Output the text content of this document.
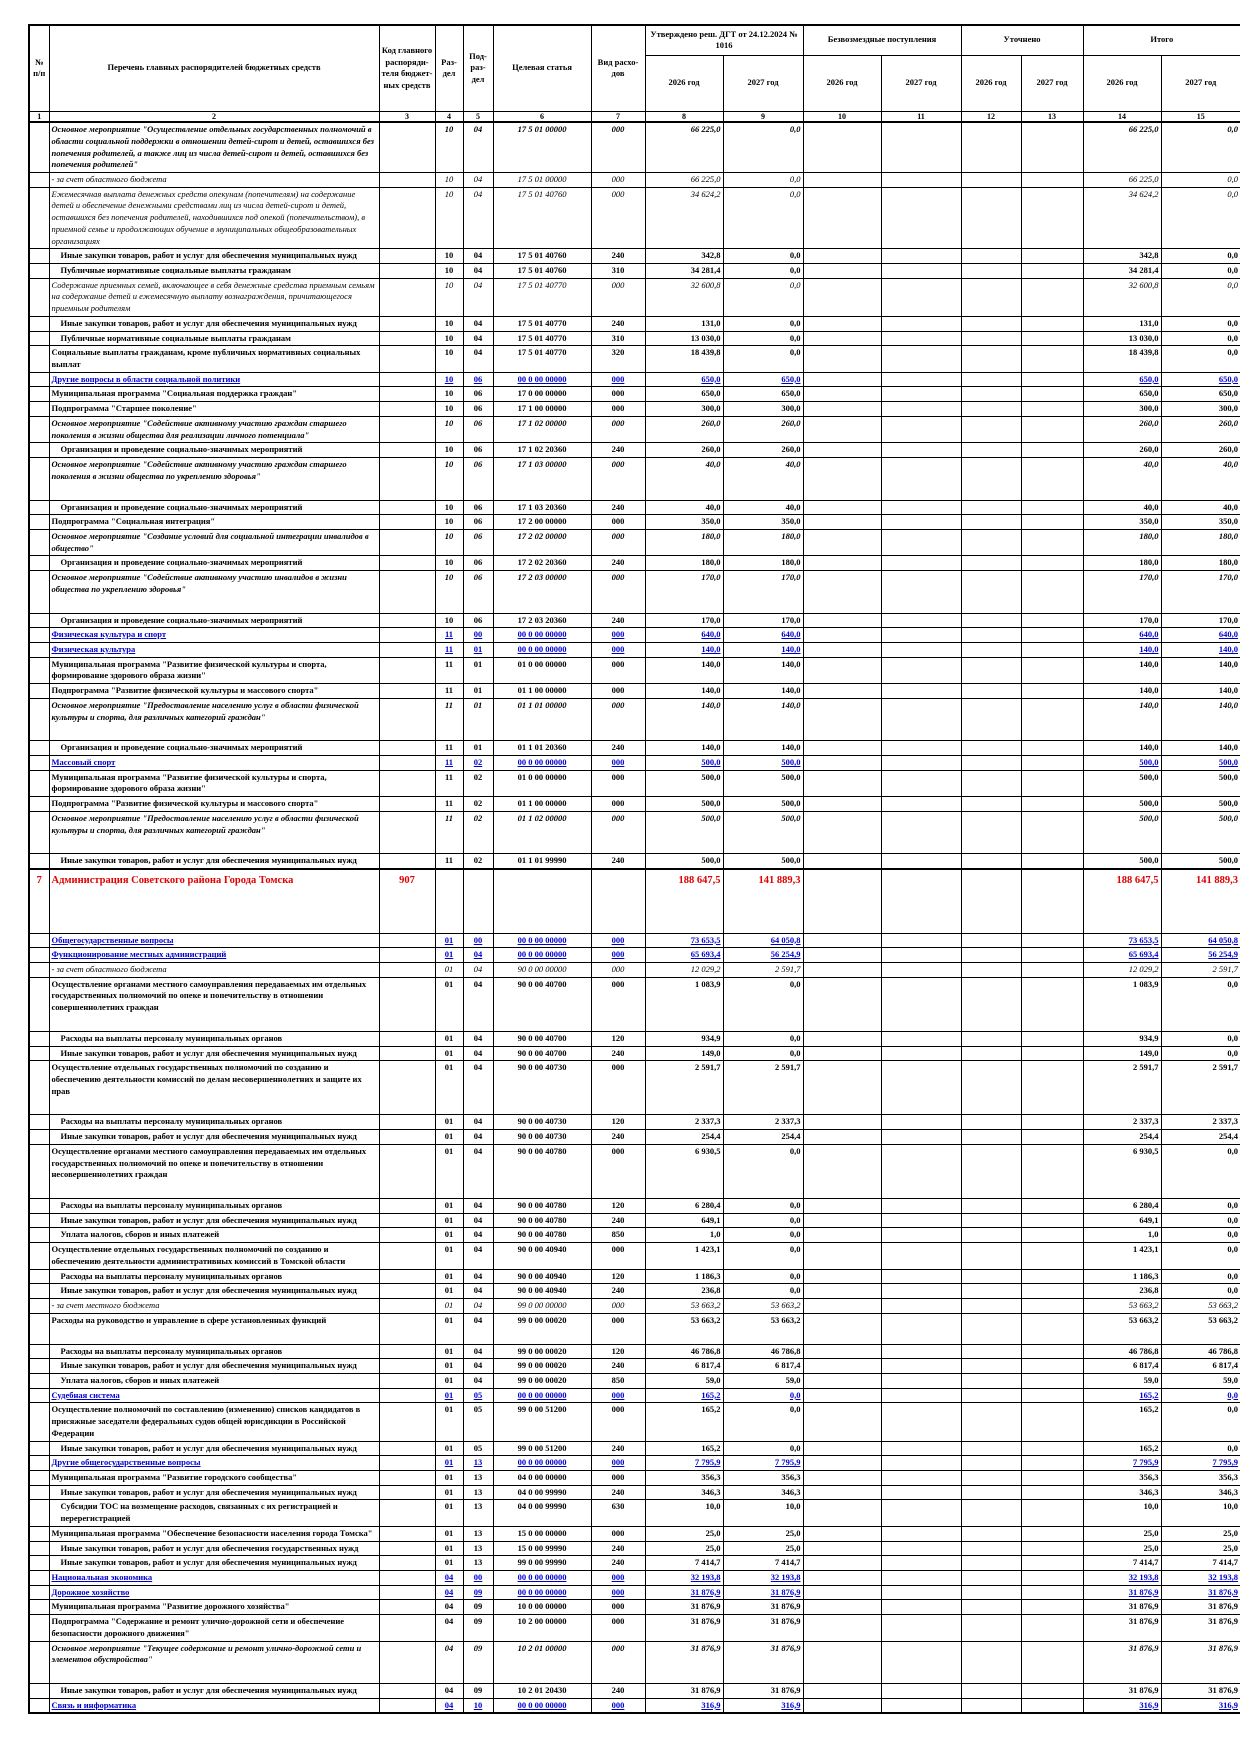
№ п/п	Перечень главных распорядителей бюджетных средств	Код главного распоряди-теля бюджет-ных средств	Раз-дел	Под-раз-дел	Целевая статья	Вид расхо-дов	Утверждено реш. ДГТ от 24.12.2024 № 1016		Безвозмездные поступления		Уточнено		Итого	
							2026 год	2027 год	2026 год	2027 год	2026 год	2027 год	2026 год	2027 год
1	2	3	4	5	6	7	8	9	10	11	12	13	14	15
	Основное мероприятие "Осуществление отдельных государственных полномочий в области социальной поддержки в отношении детей-сирот и детей, оставшихся без попечения родителей, а также лиц из числа детей-сирот и детей, оставшихся без попечения родителей"		10	04	17 5 01 00000	000	66 225,0	0,0					66 225,0	0,0
	- за счет областного бюджета		10	04	17 5 01 00000	000	66 225,0	0,0					66 225,0	0,0
	Ежемесячная выплата денежных средств опекунам (попечителям) на содержание детей и обеспечение денежными средствами лиц из числа детей-сирот и детей, оставшихся без попечения родителей, находившихся под опекой (попечительством), в приемной семье и продолжающих обучение в муниципальных общеобразовательных организациях		10	04	17 5 01 40760	000	34 624,2	0,0					34 624,2	0,0
	Иные закупки товаров, работ и услуг для обеспечения муниципальных нужд		10	04	17 5 01 40760	240	342,8	0,0					342,8	0,0
	Публичные нормативные социальные выплаты гражданам		10	04	17 5 01 40760	310	34 281,4	0,0					34 281,4	0,0
	Содержание приемных семей, включающее в себя денежные средства приемным семьям на содержание детей и ежемесячную выплату вознаграждения, причитающегося приемным родителям		10	04	17 5 01 40770	000	32 600,8	0,0					32 600,8	0,0
	Иные закупки товаров, работ и услуг для обеспечения муниципальных нужд		10	04	17 5 01 40770	240	131,0	0,0					131,0	0,0
	Публичные нормативные социальные выплаты гражданам		10	04	17 5 01 40770	310	13 030,0	0,0					13 030,0	0,0
	Социальные выплаты гражданам, кроме публичных нормативных социальных выплат		10	04	17 5 01 40770	320	18 439,8	0,0					18 439,8	0,0
	Другие вопросы в области социальной политики		10	06	00 0 00 00000	000	650,0	650,0					650,0	650,0
	Муниципальная программа "Социальная поддержка граждан"		10	06	17 0 00 00000	000	650,0	650,0					650,0	650,0
	Подпрограмма "Старшее поколение"		10	06	17 1 00 00000	000	300,0	300,0					300,0	300,0
	Основное мероприятие "Содействие активному участию граждан старшего поколения в жизни общества для реализации личного потенциала"		10	06	17 1 02 00000	000	260,0	260,0					260,0	260,0
	Организация и проведение социально-значимых мероприятий		10	06	17 1 02 20360	240	260,0	260,0					260,0	260,0
	Основное мероприятие "Содействие активному участию граждан старшего поколения в жизни общества по укреплению здоровья"		10	06	17 1 03 00000	000	40,0	40,0					40,0	40,0
	Организация и проведение социально-значимых мероприятий		10	06	17 1 03 20360	240	40,0	40,0					40,0	40,0
	Подпрограмма "Социальная интеграция"		10	06	17 2 00 00000	000	350,0	350,0					350,0	350,0
	Основное мероприятие "Создание условий для социальной интеграции инвалидов в общество"		10	06	17 2 02 00000	000	180,0	180,0					180,0	180,0
	Организация и проведение социально-значимых мероприятий		10	06	17 2 02 20360	240	180,0	180,0					180,0	180,0
	Основное мероприятие "Содействие активному участию инвалидов в жизни общества по укреплению здоровья"		10	06	17 2 03 00000	000	170,0	170,0					170,0	170,0
	Организация и проведение социально-значимых мероприятий		10	06	17 2 03 20360	240	170,0	170,0					170,0	170,0
	Физическая культура и спорт		11	00	00 0 00 00000	000	640,0	640,0					640,0	640,0
	Физическая культура		11	01	00 0 00 00000	000	140,0	140,0					140,0	140,0
	Муниципальная программа "Развитие физической культуры и спорта, формирование здорового образа жизни"		11	01	01 0 00 00000	000	140,0	140,0					140,0	140,0
	Подпрограмма "Развитие физической культуры и массового спорта"		11	01	01 1 00 00000	000	140,0	140,0					140,0	140,0
	Основное мероприятие "Предоставление населению услуг в области физической культуры и спорта, для различных категорий граждан"		11	01	01 1 01 00000	000	140,0	140,0					140,0	140,0
	Организация и проведение социально-значимых мероприятий		11	01	01 1 01 20360	240	140,0	140,0					140,0	140,0
	Массовый спорт		11	02	00 0 00 00000	000	500,0	500,0					500,0	500,0
	Муниципальная программа "Развитие физической культуры и спорта, формирование здорового образа жизни"		11	02	01 0 00 00000	000	500,0	500,0					500,0	500,0
	Подпрограмма "Развитие физической культуры и массового спорта"		11	02	01 1 00 00000	000	500,0	500,0					500,0	500,0
	Основное мероприятие "Предоставление населению услуг в области физической культуры и спорта, для различных категорий граждан"		11	02	01 1 02 00000	000	500,0	500,0					500,0	500,0
	Иные закупки товаров, работ и услуг для обеспечения муниципальных нужд		11	02	01 1 01 99990	240	500,0	500,0					500,0	500,0
7	Администрация Советского района Города Томска	907					188 647,5	141 889,3					188 647,5	141 889,3
	Общегосударственные вопросы		01	00	00 0 00 00000	000	73 653,5	64 050,8					73 653,5	64 050,8
	Функционирование местных администраций		01	04	00 0 00 00000	000	65 693,4	56 254,9					65 693,4	56 254,9
	- за счет областного бюджета		01	04	90 0 00 00000	000	12 029,2	2 591,7					12 029,2	2 591,7
	Осуществление органами местного самоуправления передаваемых им отдельных государственных полномочий по опеке и попечительству в отношении совершеннолетних граждан		01	04	90 0 00 40700	000	1 083,9	0,0					1 083,9	0,0
	Расходы на выплаты персоналу муниципальных органов		01	04	90 0 00 40700	120	934,9	0,0					934,9	0,0
	Иные закупки товаров, работ и услуг для обеспечения муниципальных нужд		01	04	90 0 00 40700	240	149,0	0,0					149,0	0,0
	Осуществление отдельных государственных полномочий по созданию и обеспечению деятельности комиссий по делам несовершеннолетних и защите их прав		01	04	90 0 00 40730	000	2 591,7	2 591,7					2 591,7	2 591,7
	Расходы на выплаты персоналу муниципальных органов		01	04	90 0 00 40730	120	2 337,3	2 337,3					2 337,3	2 337,3
	Иные закупки товаров, работ и услуг для обеспечения муниципальных нужд		01	04	90 0 00 40730	240	254,4	254,4					254,4	254,4
	Осуществление органами местного самоуправления передаваемых им отдельных государственных полномочий по опеке и попечительству в отношении несовершеннолетних граждан		01	04	90 0 00 40780	000	6 930,5	0,0					6 930,5	0,0
	Расходы на выплаты персоналу муниципальных органов		01	04	90 0 00 40780	120	6 280,4	0,0					6 280,4	0,0
	Иные закупки товаров, работ и услуг для обеспечения муниципальных нужд		01	04	90 0 00 40780	240	649,1	0,0					649,1	0,0
	Уплата налогов, сборов и иных платежей		01	04	90 0 00 40780	850	1,0	0,0					1,0	0,0
	Осуществление отдельных государственных полномочий по созданию и обеспечению деятельности административных комиссий в Томской области		01	04	90 0 00 40940	000	1 423,1	0,0					1 423,1	0,0
	Расходы на выплаты персоналу муниципальных органов		01	04	90 0 00 40940	120	1 186,3	0,0					1 186,3	0,0
	Иные закупки товаров, работ и услуг для обеспечения муниципальных нужд		01	04	90 0 00 40940	240	236,8	0,0					236,8	0,0
	- за счет местного бюджета		01	04	99 0 00 00000	000	53 663,2	53 663,2					53 663,2	53 663,2
	Расходы на руководство и управление в сфере установленных функций		01	04	99 0 00 00020	000	53 663,2	53 663,2					53 663,2	53 663,2
	Расходы на выплаты персоналу муниципальных органов		01	04	99 0 00 00020	120	46 786,8	46 786,8					46 786,8	46 786,8
	Иные закупки товаров, работ и услуг для обеспечения муниципальных нужд		01	04	99 0 00 00020	240	6 817,4	6 817,4					6 817,4	6 817,4
	Уплата налогов, сборов и иных платежей		01	04	99 0 00 00020	850	59,0	59,0					59,0	59,0
	Судебная система		01	05	00 0 00 00000	000	165,2	0,0					165,2	0,0
	Осуществление полномочий по составлению (изменению) списков кандидатов в присяжные заседатели федеральных судов общей юрисдикции в Российской Федерации		01	05	99 0 00 51200	000	165,2	0,0					165,2	0,0
	Иные закупки товаров, работ и услуг для обеспечения муниципальных нужд		01	05	99 0 00 51200	240	165,2	0,0					165,2	0,0
	Другие общегосударственные вопросы		01	13	00 0 00 00000	000	7 795,9	7 795,9					7 795,9	7 795,9
	Муниципальная программа "Развитие городского сообщества"		01	13	04 0 00 00000	000	356,3	356,3					356,3	356,3
	Иные закупки товаров, работ и услуг для обеспечения муниципальных нужд		01	13	04 0 00 99990	240	346,3	346,3					346,3	346,3
	Субсидии ТОС на возмещение расходов, связанных с их регистрацией и перерегистрацией		01	13	04 0 00 99990	630	10,0	10,0					10,0	10,0
	Муниципальная программа "Обеспечение безопасности населения города Томска"		01	13	15 0 00 00000	000	25,0	25,0					25,0	25,0
	Иные закупки товаров, работ и услуг для обеспечения государственных нужд		01	13	15 0 00 99990	240	25,0	25,0					25,0	25,0
	Иные закупки товаров, работ и услуг для обеспечения муниципальных нужд		01	13	99 0 00 99990	240	7 414,7	7 414,7					7 414,7	7 414,7
	Национальная экономика		04	00	00 0 00 00000	000	32 193,8	32 193,8					32 193,8	32 193,8
	Дорожное хозяйство		04	09	00 0 00 00000	000	31 876,9	31 876,9					31 876,9	31 876,9
	Муниципальная программа "Развитие дорожного хозяйства"		04	09	10 0 00 00000	000	31 876,9	31 876,9					31 876,9	31 876,9
	Подпрограмма "Содержание и ремонт улично-дорожной сети и обеспечение безопасности дорожного движения"		04	09	10 2 00 00000	000	31 876,9	31 876,9					31 876,9	31 876,9
	Основное мероприятие "Текущее содержание и ремонт улично-дорожной сети и элементов обустройства"		04	09	10 2 01 00000	000	31 876,9	31 876,9					31 876,9	31 876,9
	Иные закупки товаров, работ и услуг для обеспечения муниципальных нужд		04	09	10 2 01 20430	240	31 876,9	31 876,9					31 876,9	31 876,9
	Связь и информатика		04	10	00 0 00 00000	000	316,9	316,9					316,9	316,9
